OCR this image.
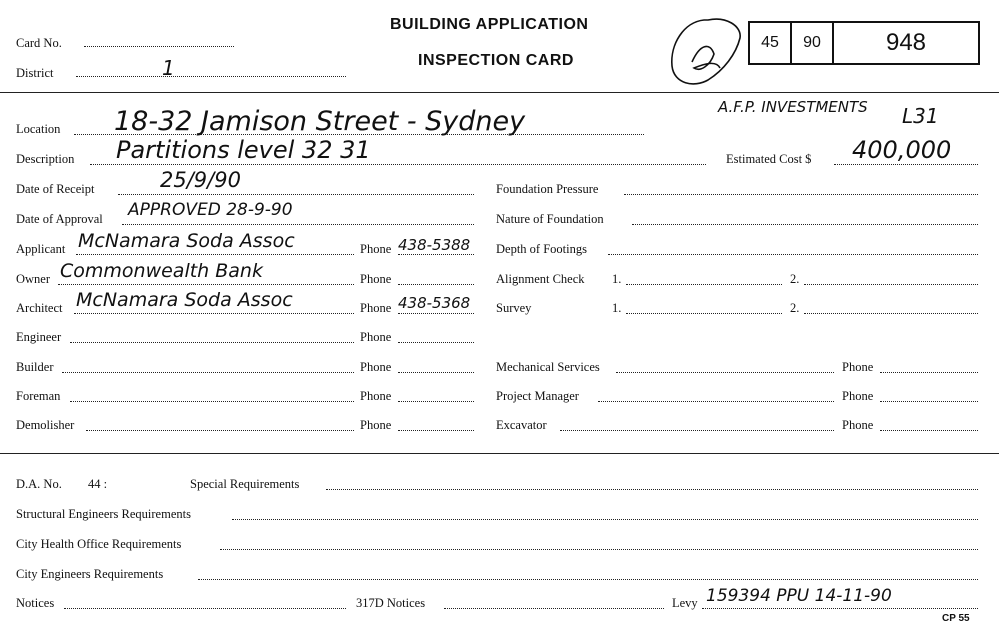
Card No.
District	1
BUILDING APPLICATION
INSPECTION CARD
45	90	948
A.F.P. INVESTMENTS L31
Location 18-32 Jamison Street - Sydney
Description Partitions level 32 31	Estimated Cost $ 400,000
Date of Receipt	25/9/90
Date of Approval APPROVED 28-9-90
Applicant McNamara Soda Assoc	Phone 438-5388
Owner Commonwealth Bank	Phone
Architect McNamara Soda Assoc	Phone 438-5368
Engineer	Phone
Builder	Phone
Foreman	Phone
Demolisher	Phone
Foundation Pressure
Nature of Foundation
Depth of Footings
Alignment Check 1.	2.
Survey	1.	2.
Mechanical Services	Phone
Project Manager	Phone
Excavator	Phone
D.A. No. 44 :	Special Requirements
Structural Engineers Requirements
City Health Office Requirements
City Engineers Requirements
Notices	317D Notices	Levy 159394 PPU 14-11-90
CP 55
